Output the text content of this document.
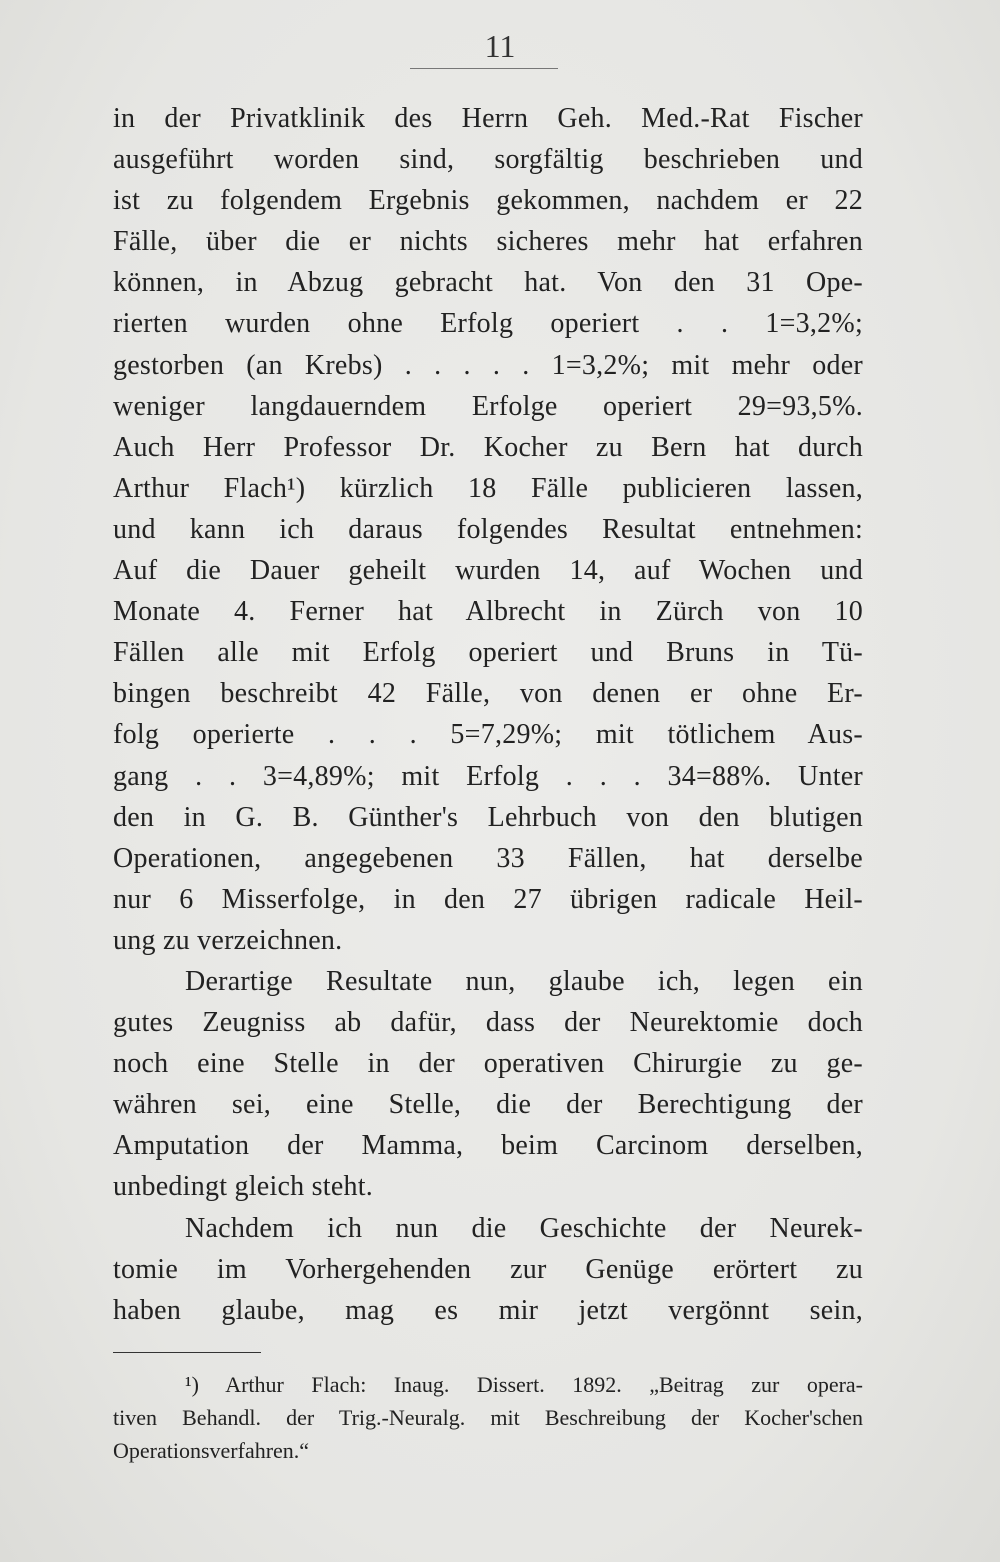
11
in der Privatklinik des Herrn Geh. Med.-Rat Fischer
ausgeführt worden sind, sorgfältig beschrieben und
ist zu folgendem Ergebnis gekommen, nachdem er 22
Fälle, über die er nichts sicheres mehr hat erfahren
können, in Abzug gebracht hat. Von den 31 Ope-
rierten wurden ohne Erfolg operiert . . 1=3,2%;
gestorben (an Krebs) . . . . . 1=3,2%; mit mehr oder
weniger langdauerndem Erfolge operiert 29=93,5%.
Auch Herr Professor Dr. Kocher zu Bern hat durch
Arthur Flach¹) kürzlich 18 Fälle publicieren lassen,
und kann ich daraus folgendes Resultat entnehmen:
Auf die Dauer geheilt wurden 14, auf Wochen und
Monate 4. Ferner hat Albrecht in Zürch von 10
Fällen alle mit Erfolg operiert und Bruns in Tü-
bingen beschreibt 42 Fälle, von denen er ohne Er-
folg operierte . . . 5=7,29%; mit tötlichem Aus-
gang . . 3=4,89%; mit Erfolg . . . 34=88%. Unter
den in G. B. Günther's Lehrbuch von den blutigen
Operationen, angegebenen 33 Fällen, hat derselbe
nur 6 Misserfolge, in den 27 übrigen radicale Heil-
ung zu verzeichnen.
Derartige Resultate nun, glaube ich, legen ein
gutes Zeugniss ab dafür, dass der Neurektomie doch
noch eine Stelle in der operativen Chirurgie zu ge-
währen sei, eine Stelle, die der Berechtigung der
Amputation der Mamma, beim Carcinom derselben,
unbedingt gleich steht.
Nachdem ich nun die Geschichte der Neurek-
tomie im Vorhergehenden zur Genüge erörtert zu
haben glaube, mag es mir jetzt vergönnt sein,
¹) Arthur Flach: Inaug. Dissert. 1892. „Beitrag zur opera-
tiven Behandl. der Trig.-Neuralg. mit Beschreibung der Kocher'schen
Operationsverfahren.“
